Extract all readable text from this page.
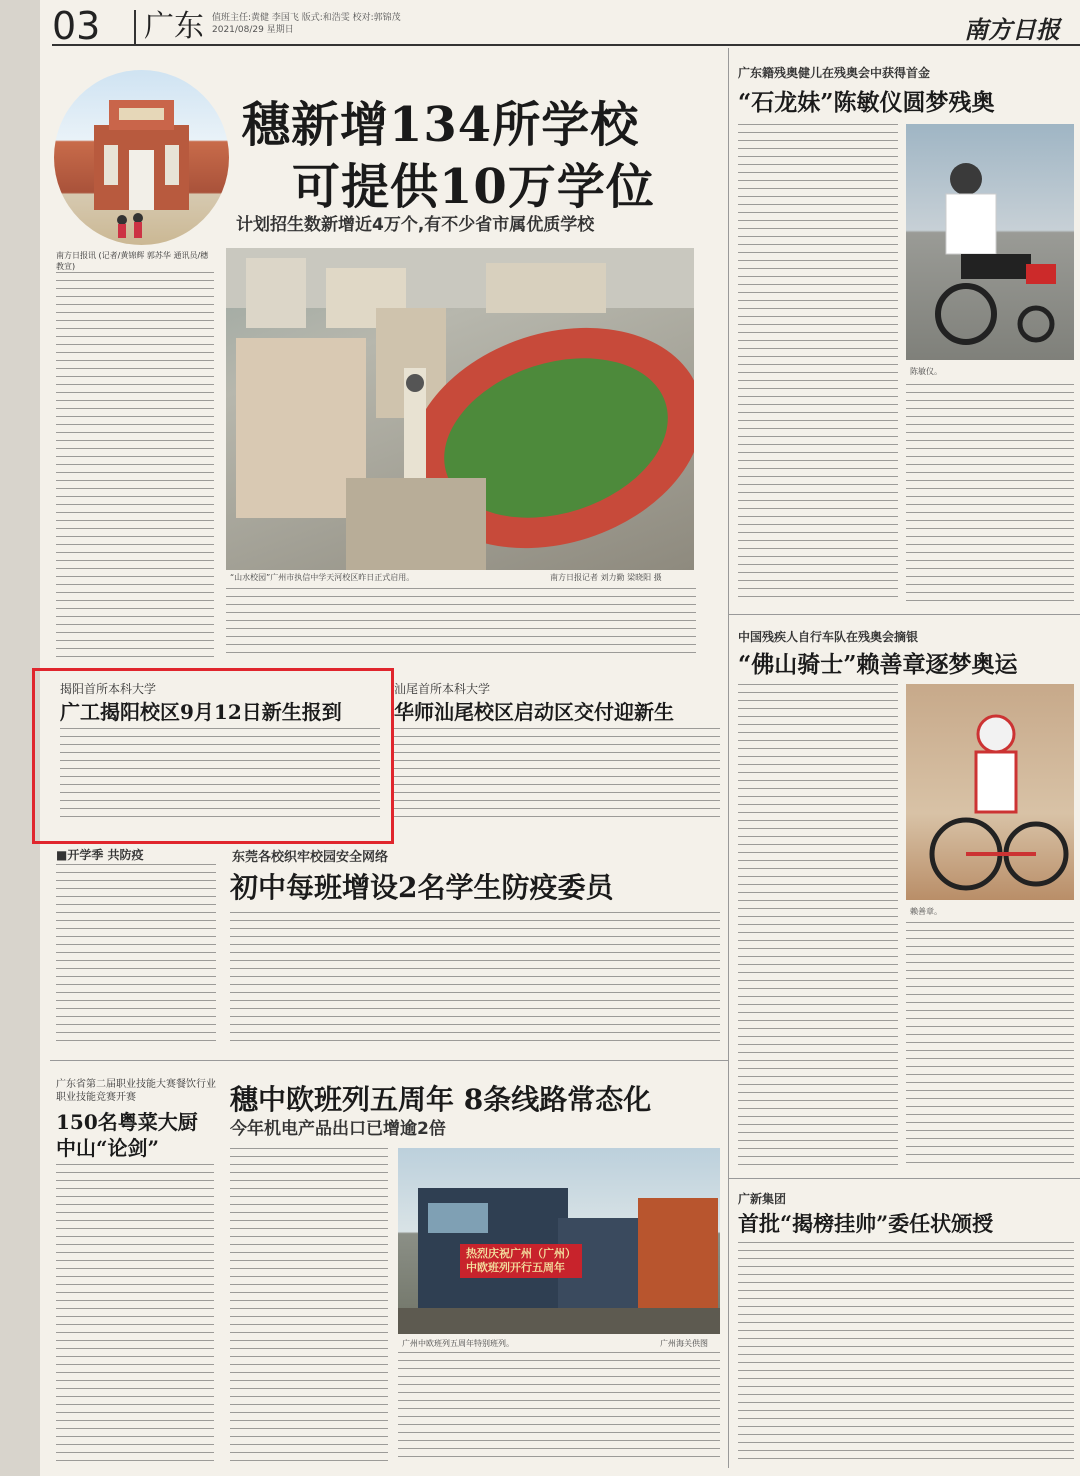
03	广东 值班主任:黄健 李国飞 版式:和浩雯 校对:郭锦茂
2021/08/29 星期日	南方日报
穗新增134所学校
可提供10万学位
计划招生数新增近4万个,有不少省市属优质学校
南方日报讯 (记者/黄锦辉 郭苏华 通讯员/穗教宣)
“山水校园”广州市执信中学天河校区昨日正式启用。	南方日报记者 刘力勤 梁晓阳 摄
揭阳首所本科大学
广工揭阳校区9月12日新生报到
汕尾首所本科大学
华师汕尾校区启动区交付迎新生
■开学季 共防疫	东莞各校织牢校园安全网络
初中每班增设2名学生防疫委员
广东省第二届职业技能大赛餐饮行业职业技能竞赛开赛
150名粤菜大厨
中山“论剑”
穗中欧班列五周年 8条线路常态化
今年机电产品出口已增逾2倍
热烈庆祝广州（广州）
中欧班列开行五周年
广州中欧班列五周年特别班列。	广州海关供图
广东籍残奥健儿在残奥会中获得首金
“石龙妹”陈敏仪圆梦残奥
陈敏仪。
中国残疾人自行车队在残奥会摘银
“佛山骑士”赖善章逐梦奥运
赖善章。
广新集团
首批“揭榜挂帅”委任状颁授
